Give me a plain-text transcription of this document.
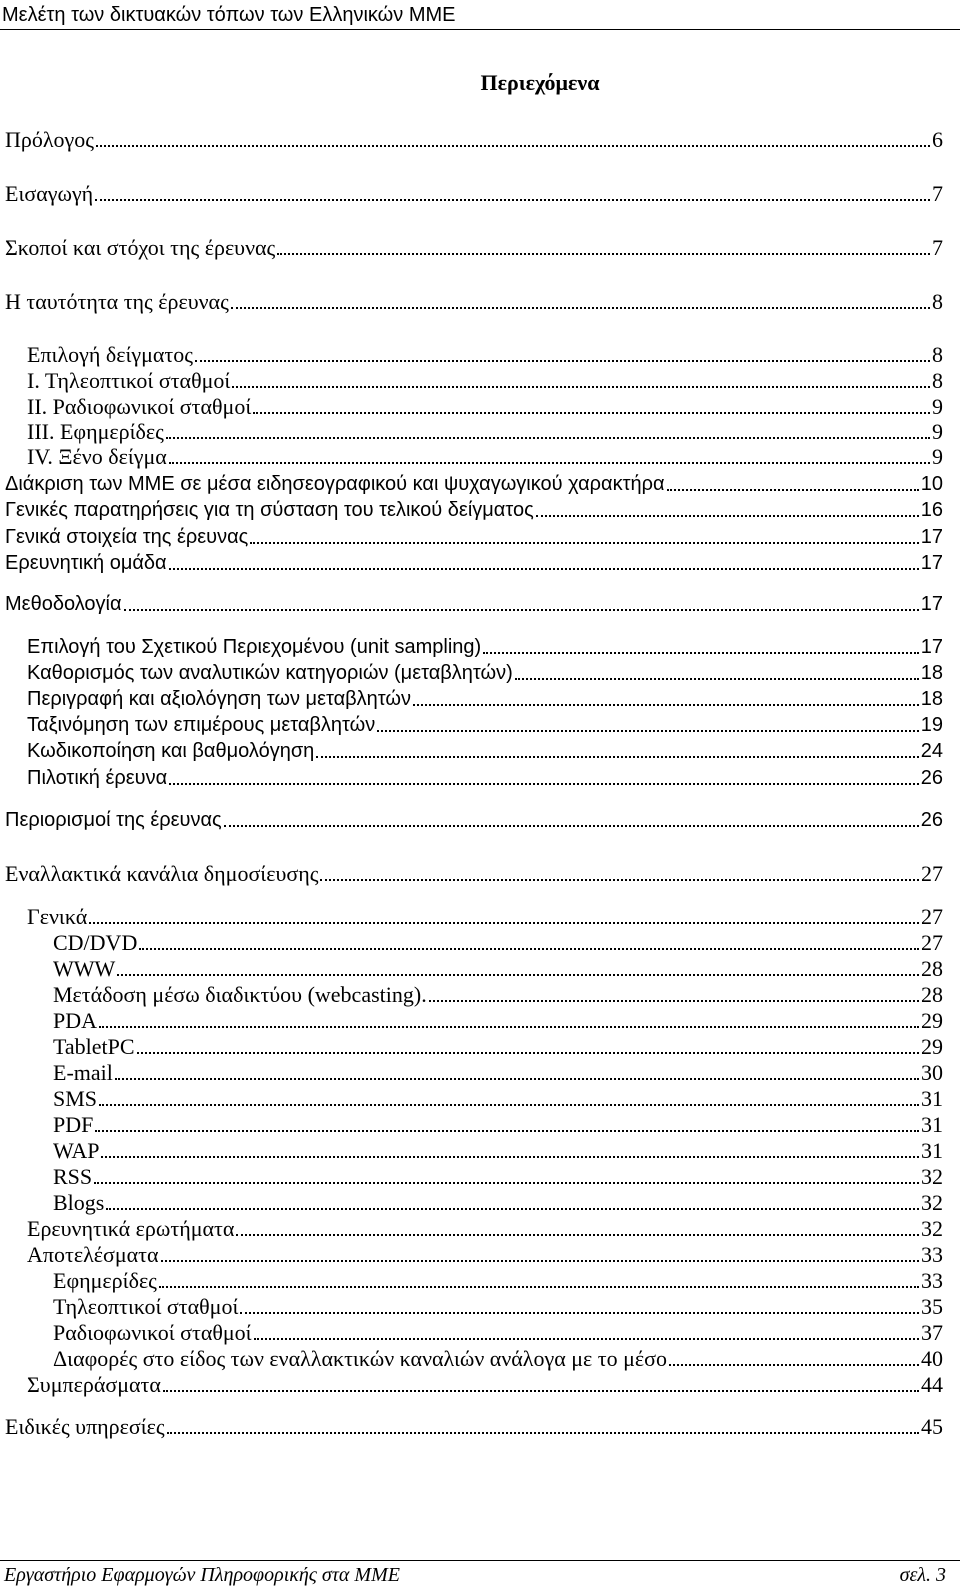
Μελέτη των δικτυακών τόπων των Ελληνικών ΜΜΕ
Περιεχόμενα
Πρόλογος	6
Εισαγωγή	7
Σκοποί και στόχοι της έρευνας	7
Η ταυτότητα της έρευνας	8
Επιλογή δείγματος	8
Ι. Τηλεοπτικοί σταθμοί	8
ΙΙ. Ραδιοφωνικοί σταθμοί	9
ΙΙΙ. Εφημερίδες	9
IV. Ξένο δείγμα	9
Διάκριση των ΜΜΕ σε μέσα ειδησεογραφικού και ψυχαγωγικού χαρακτήρα	10
Γενικές παρατηρήσεις για τη σύσταση του τελικού δείγματος	16
Γενικά στοιχεία της έρευνας	17
Ερευνητική ομάδα	17
Μεθοδολογία	17
Επιλογή του Σχετικού Περιεχομένου (unit sampling)	17
Καθορισμός των αναλυτικών κατηγοριών (μεταβλητών)	18
Περιγραφή και αξιολόγηση των μεταβλητών	18
Ταξινόμηση των επιμέρους μεταβλητών	19
Κωδικοποίηση και βαθμολόγηση	24
Πιλοτική έρευνα	26
Περιορισμοί της έρευνας	26
Εναλλακτικά κανάλια δημοσίευσης	27
Γενικά	27
CD/DVD	27
WWW	28
Μετάδοση μέσω διαδικτύου (webcasting).	28
PDA	29
TabletPC	29
E-mail	30
SMS	31
PDF	31
WAP	31
RSS	32
Blogs	32
Ερευνητικά ερωτήματα	32
Αποτελέσματα	33
Εφημερίδες	33
Τηλεοπτικοί σταθμοί	35
Ραδιοφωνικοί σταθμοί	37
Διαφορές στο είδος των εναλλακτικών καναλιών ανάλογα με το μέσο	40
Συμπεράσματα	44
Ειδικές υπηρεσίες	45
Εργαστήριο Εφαρμογών Πληροφορικής στα ΜΜΕ	σελ. 3
